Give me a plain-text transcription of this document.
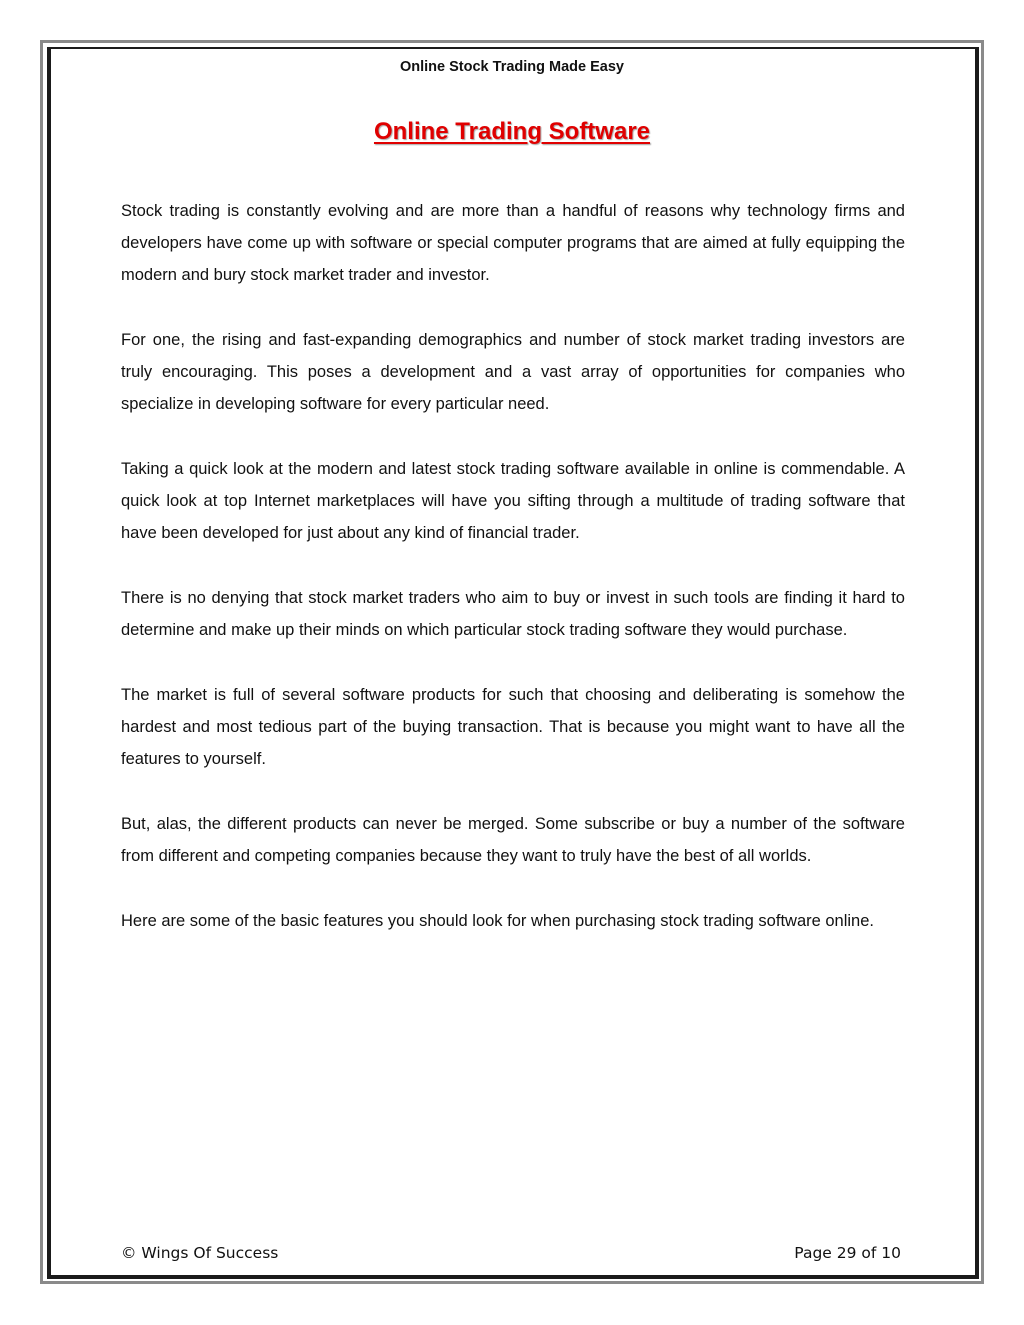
Online Stock Trading Made Easy
Online Trading Software

Stock trading is constantly evolving and are more than a handful of reasons why technology firms and developers have come up with software or special computer programs that are aimed at fully equipping the modern and bury stock market trader and investor.

For one, the rising and fast-expanding demographics and number of stock market trading investors are truly encouraging. This poses a development and a vast array of opportunities for companies who specialize in developing software for every particular need.

Taking a quick look at the modern and latest stock trading software available in online is commendable. A quick look at top Internet marketplaces will have you sifting through a multitude of trading software that have been developed for just about any kind of financial trader.

There is no denying that stock market traders who aim to buy or invest in such tools are finding it hard to determine and make up their minds on which particular stock trading software they would purchase.

The market is full of several software products for such that choosing and deliberating is somehow the hardest and most tedious part of the buying transaction. That is because you might want to have all the features to yourself.

But, alas, the different products can never be merged. Some subscribe or buy a number of the software from different and competing companies because they want to truly have the best of all worlds.

Here are some of the basic features you should look for when purchasing stock trading software online.

© Wings Of Success	Page 29 of 10
